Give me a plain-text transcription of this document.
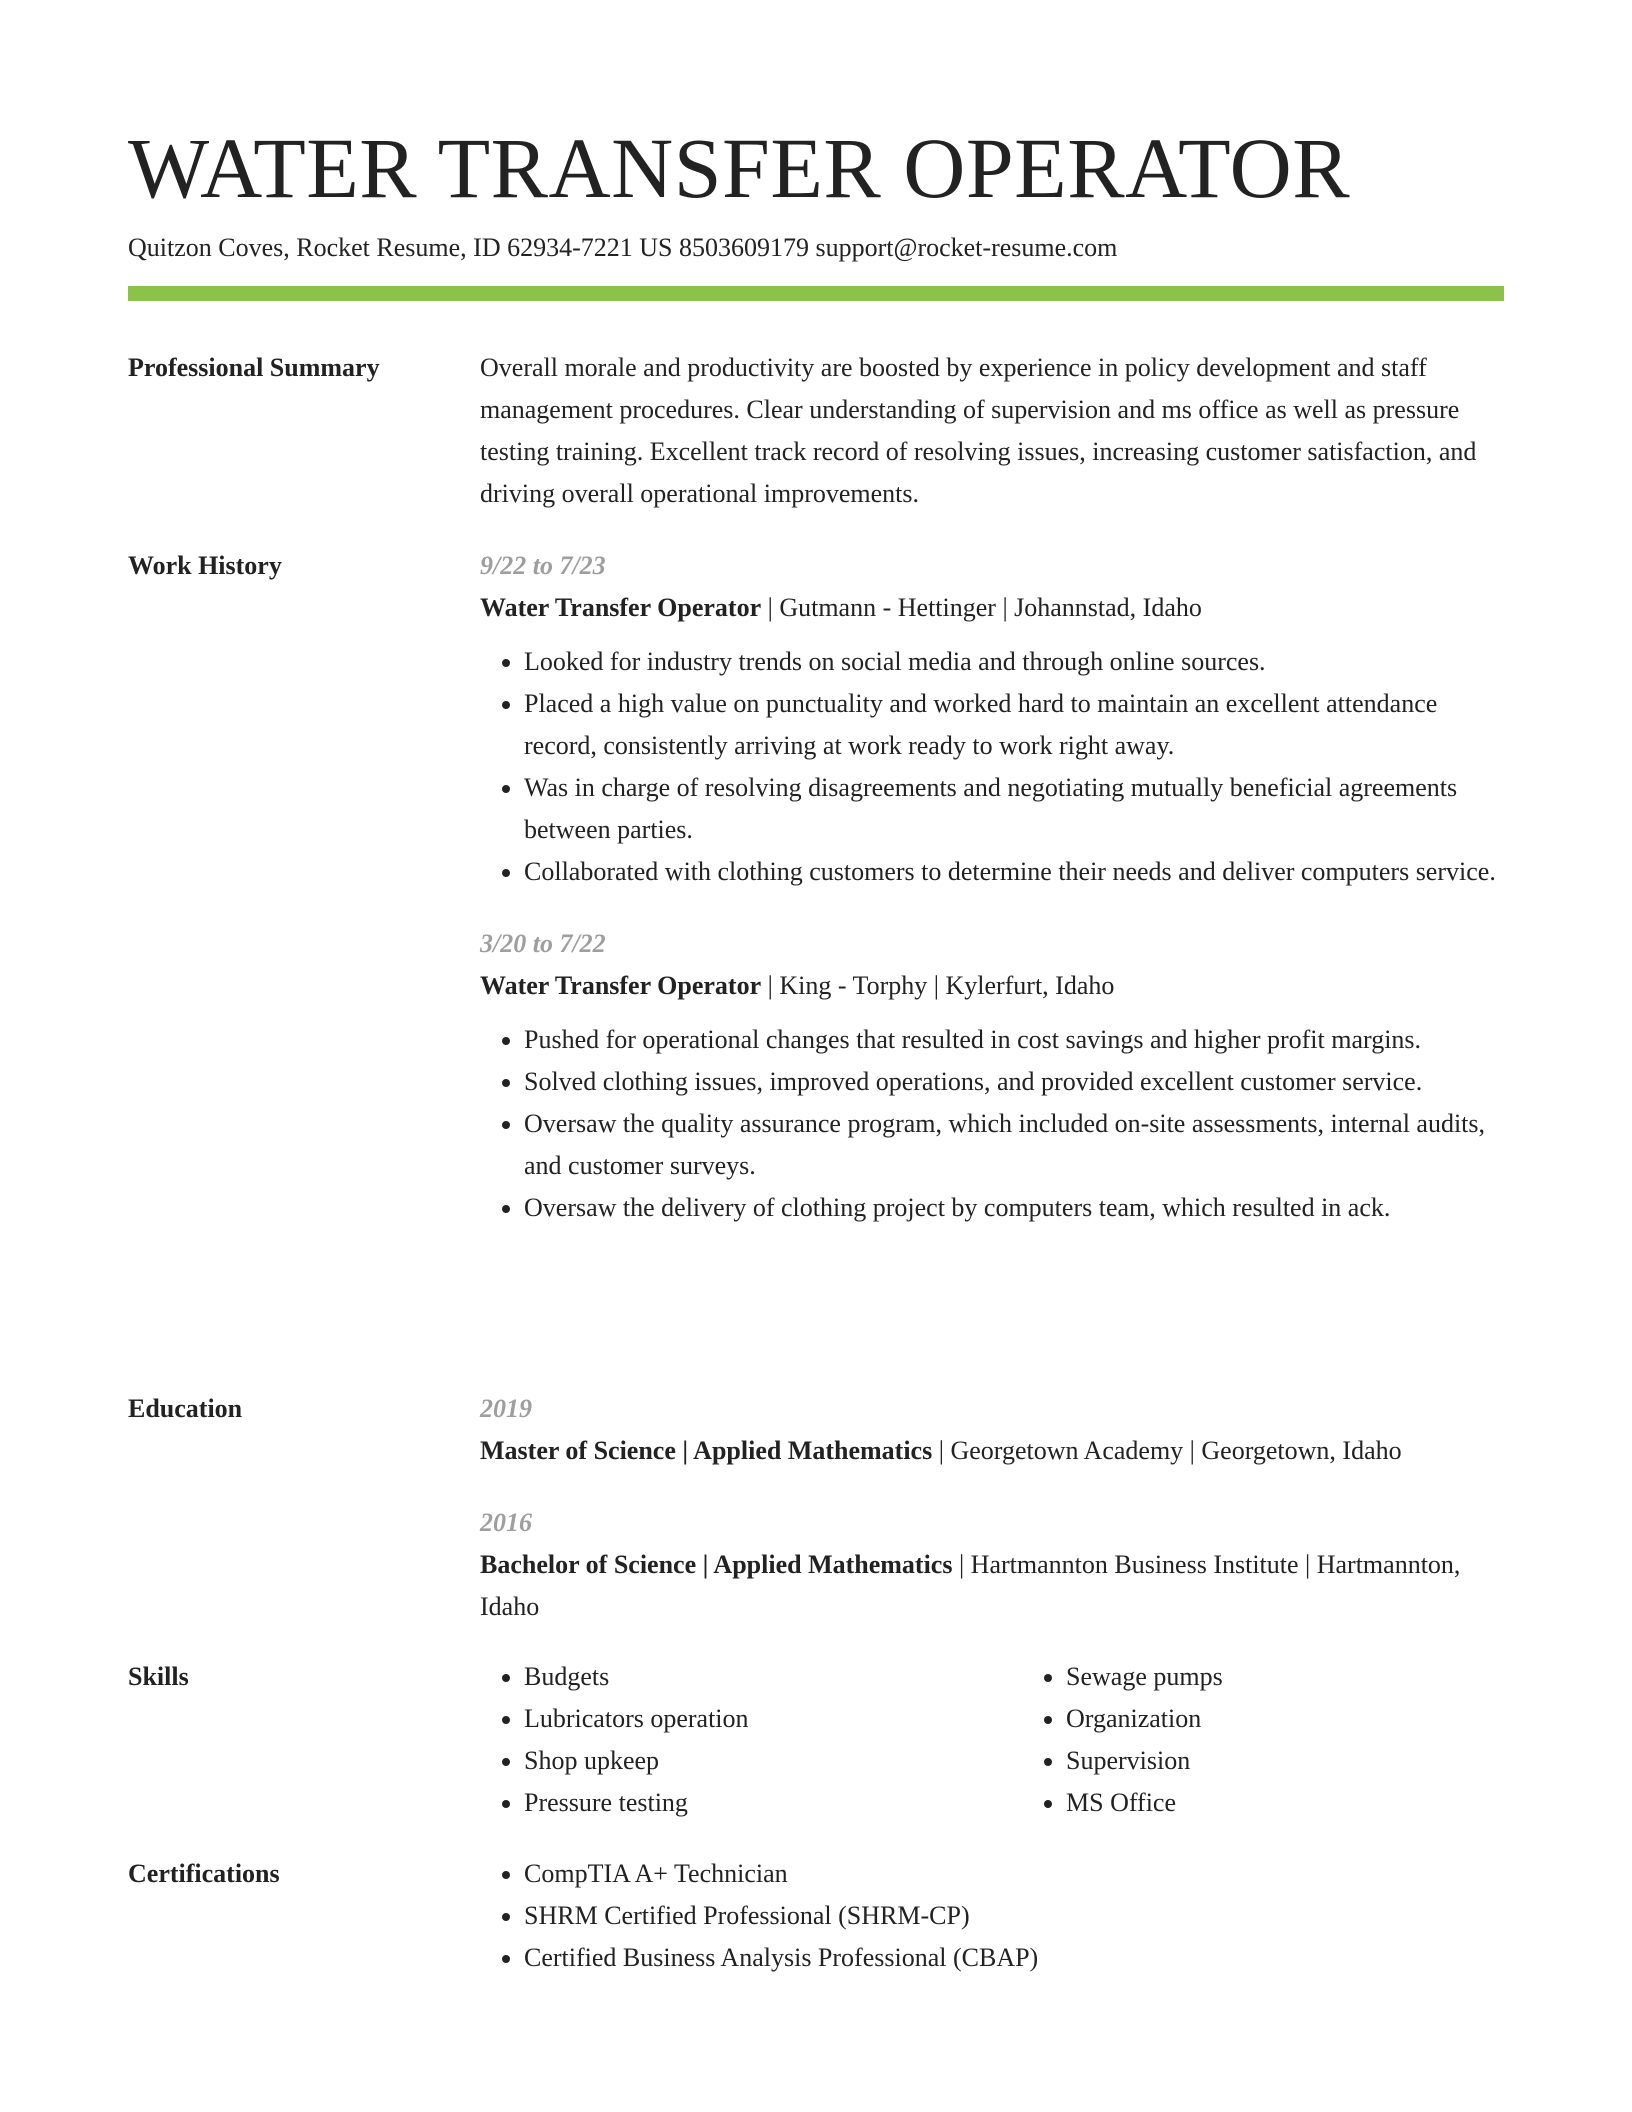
WATER TRANSFER OPERATOR
Quitzon Coves, Rocket Resume, ID 62934-7221 US 8503609179 support@rocket-resume.com
Professional Summary	Overall morale and productivity are boosted by experience in policy development and staff management procedures. Clear understanding of supervision and ms office as well as pressure testing training. Excellent track record of resolving issues, increasing customer satisfaction, and driving overall operational improvements.

Work History	9/22 to 7/23
Water Transfer Operator | Gutmann - Hettinger | Johannstad, Idaho
• Looked for industry trends on social media and through online sources.
• Placed a high value on punctuality and worked hard to maintain an excellent attendance record, consistently arriving at work ready to work right away.
• Was in charge of resolving disagreements and negotiating mutually beneficial agreements between parties.
• Collaborated with clothing customers to determine their needs and deliver computers service.
3/20 to 7/22
Water Transfer Operator | King - Torphy | Kylerfurt, Idaho
• Pushed for operational changes that resulted in cost savings and higher profit margins.
• Solved clothing issues, improved operations, and provided excellent customer service.
• Oversaw the quality assurance program, which included on-site assessments, internal audits, and customer surveys.
• Oversaw the delivery of clothing project by computers team, which resulted in ack.
Education	2019
Master of Science | Applied Mathematics | Georgetown Academy | Georgetown, Idaho
2016
Bachelor of Science | Applied Mathematics | Hartmannton Business Institute | Hartmannton, Idaho
Skills	• Budgets
• Lubricators operation
• Shop upkeep
• Pressure testing
• Sewage pumps
• Organization
• Supervision
• MS Office
Certifications	• CompTIA A+ Technician
• SHRM Certified Professional (SHRM-CP)
• Certified Business Analysis Professional (CBAP)
